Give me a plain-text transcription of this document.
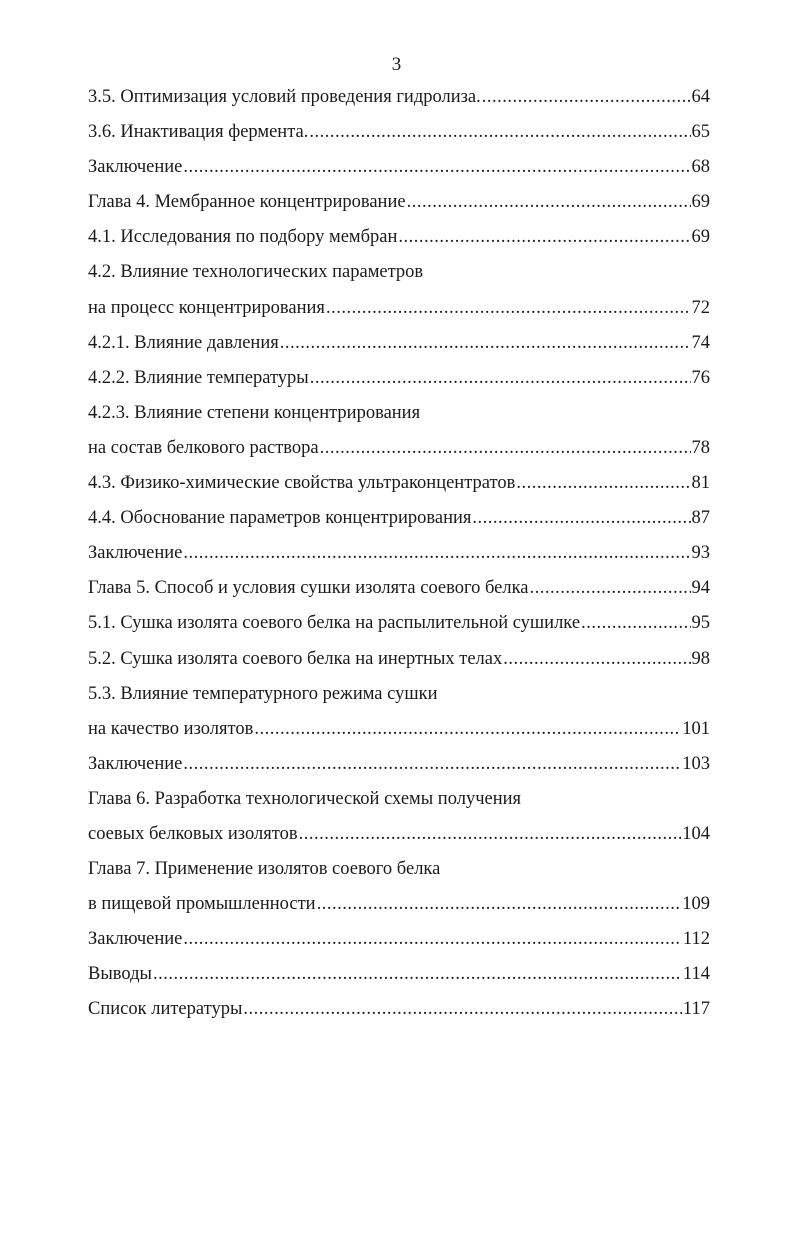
3
3.5. Оптимизация условий проведения гидролиза. .....	64
3.6. Инактивация фермента. .....	65
Заключение .....	68
Глава 4. Мембранное концентрирование .....	69
4.1. Исследования по подбору мембран .....	69
4.2. Влияние технологических параметров
на процесс концентрирования .....	72
4.2.1. Влияние давления .....	74
4.2.2. Влияние температуры .....	76
4.2.3. Влияние степени концентрирования
на состав белкового раствора .....	78
4.3. Физико-химические свойства ультраконцентратов .....	81
4.4. Обоснование параметров концентрирования .....	87
Заключение .....	93
Глава 5. Способ и условия сушки изолята соевого белка .....	94
5.1. Сушка изолята соевого белка на распылительной сушилке .....	95
5.2. Сушка изолята соевого белка на инертных телах .....	98
5.3. Влияние температурного режима сушки
на качество изолятов .....	101
Заключение .....	103
Глава 6. Разработка технологической схемы получения
соевых белковых изолятов .....	104
Глава 7. Применение изолятов соевого белка
в пищевой промышленности .....	109
Заключение .....	112
Выводы .....	114
Список литературы .....	117
